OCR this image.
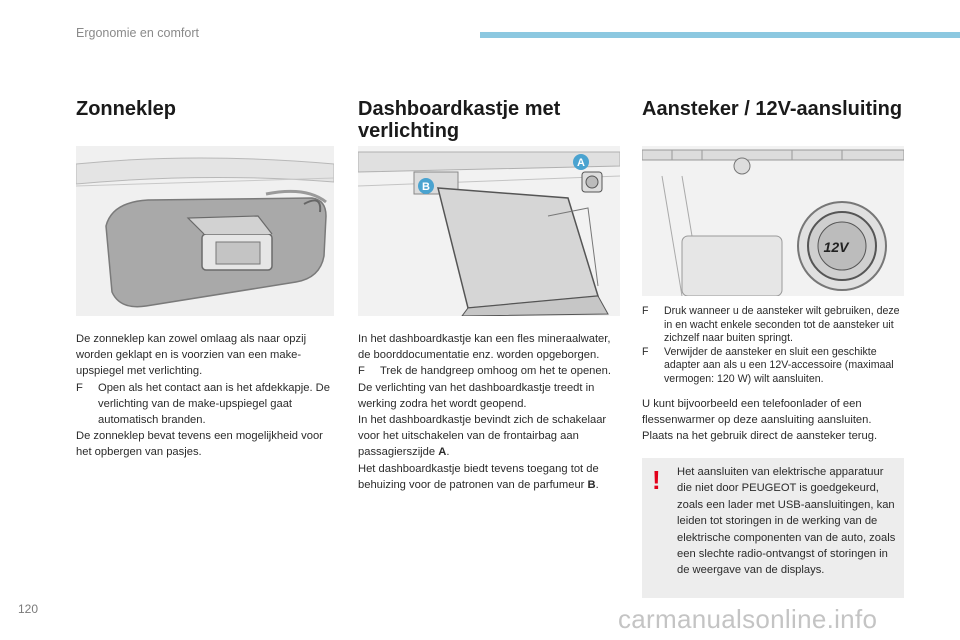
Ergonomie en comfort
Zonneklep	Dashboardkastje met verlichting
Aansteker / 12V-aansluiting
A
B
12V

De zonneklep kan zowel omlaag als naar opzij worden geklapt en is voorzien van een make-upspiegel met verlichting.

F Open als het contact aan is het afdekkapje. De verlichting van de make-upspiegel gaat automatisch branden.

De zonneklep bevat tevens een mogelijkheid voor het opbergen van pasjes.

In het dashboardkastje kan een fles mineraalwater, de boorddocumentatie enz. worden opgeborgen.

F Trek de handgreep omhoog om het te openen.

De verlichting van het dashboardkastje treedt in werking zodra het wordt geopend.

In het dashboardkastje bevindt zich de schakelaar voor het uitschakelen van de frontairbag aan passagierszijde A.

Het dashboardkastje biedt tevens toegang tot de behuizing voor de patronen van de parfumeur B.

F Druk wanneer u de aansteker wilt gebruiken, deze in en wacht enkele seconden tot de aansteker uit zichzelf naar buiten springt.

F Verwijder de aansteker en sluit een geschikte adapter aan als u een 12V-accessoire (maximaal vermogen: 120 W) wilt aansluiten.

U kunt bijvoorbeeld een telefoonlader of een flessenwarmer op deze aansluiting aansluiten.

Plaats na het gebruik direct de aansteker terug.

! Het aansluiten van elektrische apparatuur die niet door PEUGEOT is goedgekeurd, zoals een lader met USB-aansluitingen, kan leiden tot storingen in de werking van de elektrische componenten van de auto, zoals een slechte radio-ontvangst of storingen in de weergave van de displays.
120	carmanualsonline.info
